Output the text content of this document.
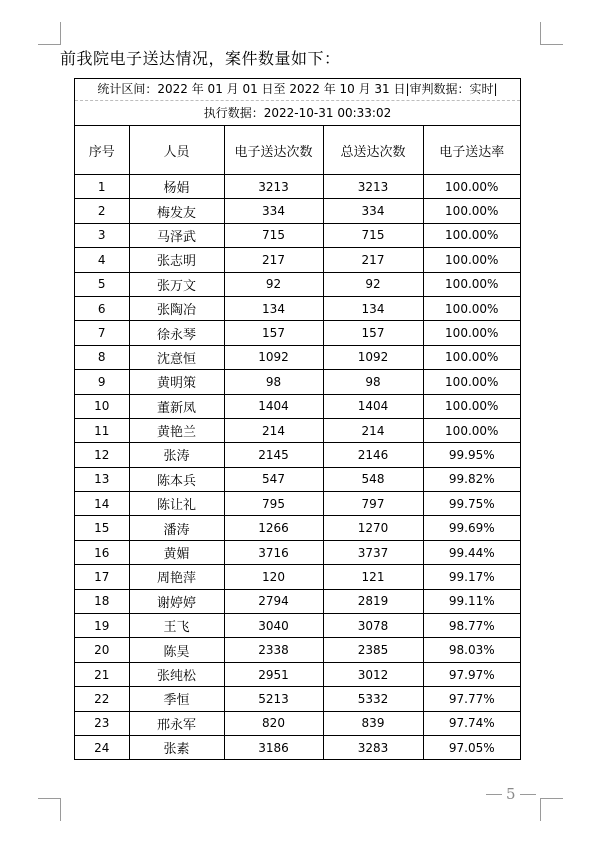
前我院电子送达情况，案件数量如下：
统计区间：2022 年 01 月 01 日至 2022 年 10 月 31 日|审判数据：实时|
执行数据：2022-10-31 00:33:02
序号	人员	电子送达次数	总送达次数	电子送达率
1	杨娟	3213	3213	100.00%
2	梅发友	334	334	100.00%
3	马泽武	715	715	100.00%
4	张志明	217	217	100.00%
5	张万文	92	92	100.00%
6	张陶冶	134	134	100.00%
7	徐永琴	157	157	100.00%
8	沈意恒	1092	1092	100.00%
9	黄明策	98	98	100.00%
10	董新凤	1404	1404	100.00%
11	黄艳兰	214	214	100.00%
12	张涛	2145	2146	99.95%
13	陈本兵	547	548	99.82%
14	陈让礼	795	797	99.75%
15	潘涛	1266	1270	99.69%
16	黄媚	3716	3737	99.44%
17	周艳萍	120	121	99.17%
18	谢婷婷	2794	2819	99.11%
19	王飞	3040	3078	98.77%
20	陈昊	2338	2385	98.03%
21	张纯松	2951	3012	97.97%
22	季恒	5213	5332	97.77%
23	邢永军	820	839	97.74%
24	张素	3186	3283	97.05%
5
